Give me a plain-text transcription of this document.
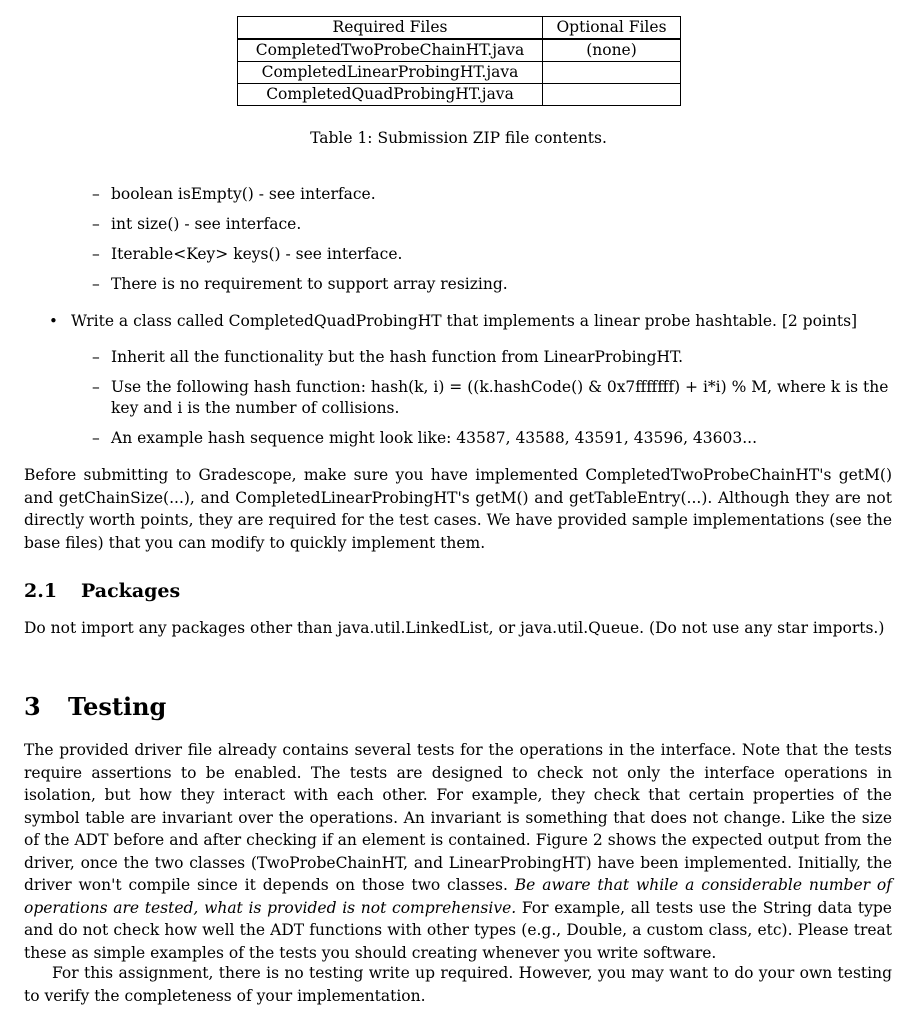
Required Files	Optional Files
CompletedTwoProbeChainHT.java	(none)
CompletedLinearProbingHT.java	
CompletedQuadProbingHT.java	
Table 1: Submission ZIP file contents.
– boolean isEmpty() - see interface.
– int size() - see interface.
– Iterable<Key> keys() - see interface.
– There is no requirement to support array resizing.
• Write a class called CompletedQuadProbingHT that implements a linear probe hashtable. [2 points]
– Inherit all the functionality but the hash function from LinearProbingHT.
– Use the following hash function: hash(k, i) = ((k.hashCode() & 0x7fffffff) + i*i) % M, where k is the key and i is the number of collisions.
– An example hash sequence might look like: 43587, 43588, 43591, 43596, 43603...
Before submitting to Gradescope, make sure you have implemented CompletedTwoProbeChainHT's getM() and getChainSize(...), and CompletedLinearProbingHT's getM() and getTableEntry(...). Although they are not directly worth points, they are required for the test cases. We have provided sample implementations (see the base files) that you can modify to quickly implement them.
2.1 Packages
Do not import any packages other than java.util.LinkedList, or java.util.Queue. (Do not use any star imports.)
3 Testing
The provided driver file already contains several tests for the operations in the interface. Note that the tests require assertions to be enabled. The tests are designed to check not only the interface operations in isolation, but how they interact with each other. For example, they check that certain properties of the symbol table are invariant over the operations. An invariant is something that does not change. Like the size of the ADT before and after checking if an element is contained. Figure 2 shows the expected output from the driver, once the two classes (TwoProbeChainHT, and LinearProbingHT) have been implemented. Initially, the driver won't compile since it depends on those two classes. Be aware that while a considerable number of operations are tested, what is provided is not comprehensive. For example, all tests use the String data type and do not check how well the ADT functions with other types (e.g., Double, a custom class, etc). Please treat these as simple examples of the tests you should creating whenever you write software.
For this assignment, there is no testing write up required. However, you may want to do your own testing to verify the completeness of your implementation.
